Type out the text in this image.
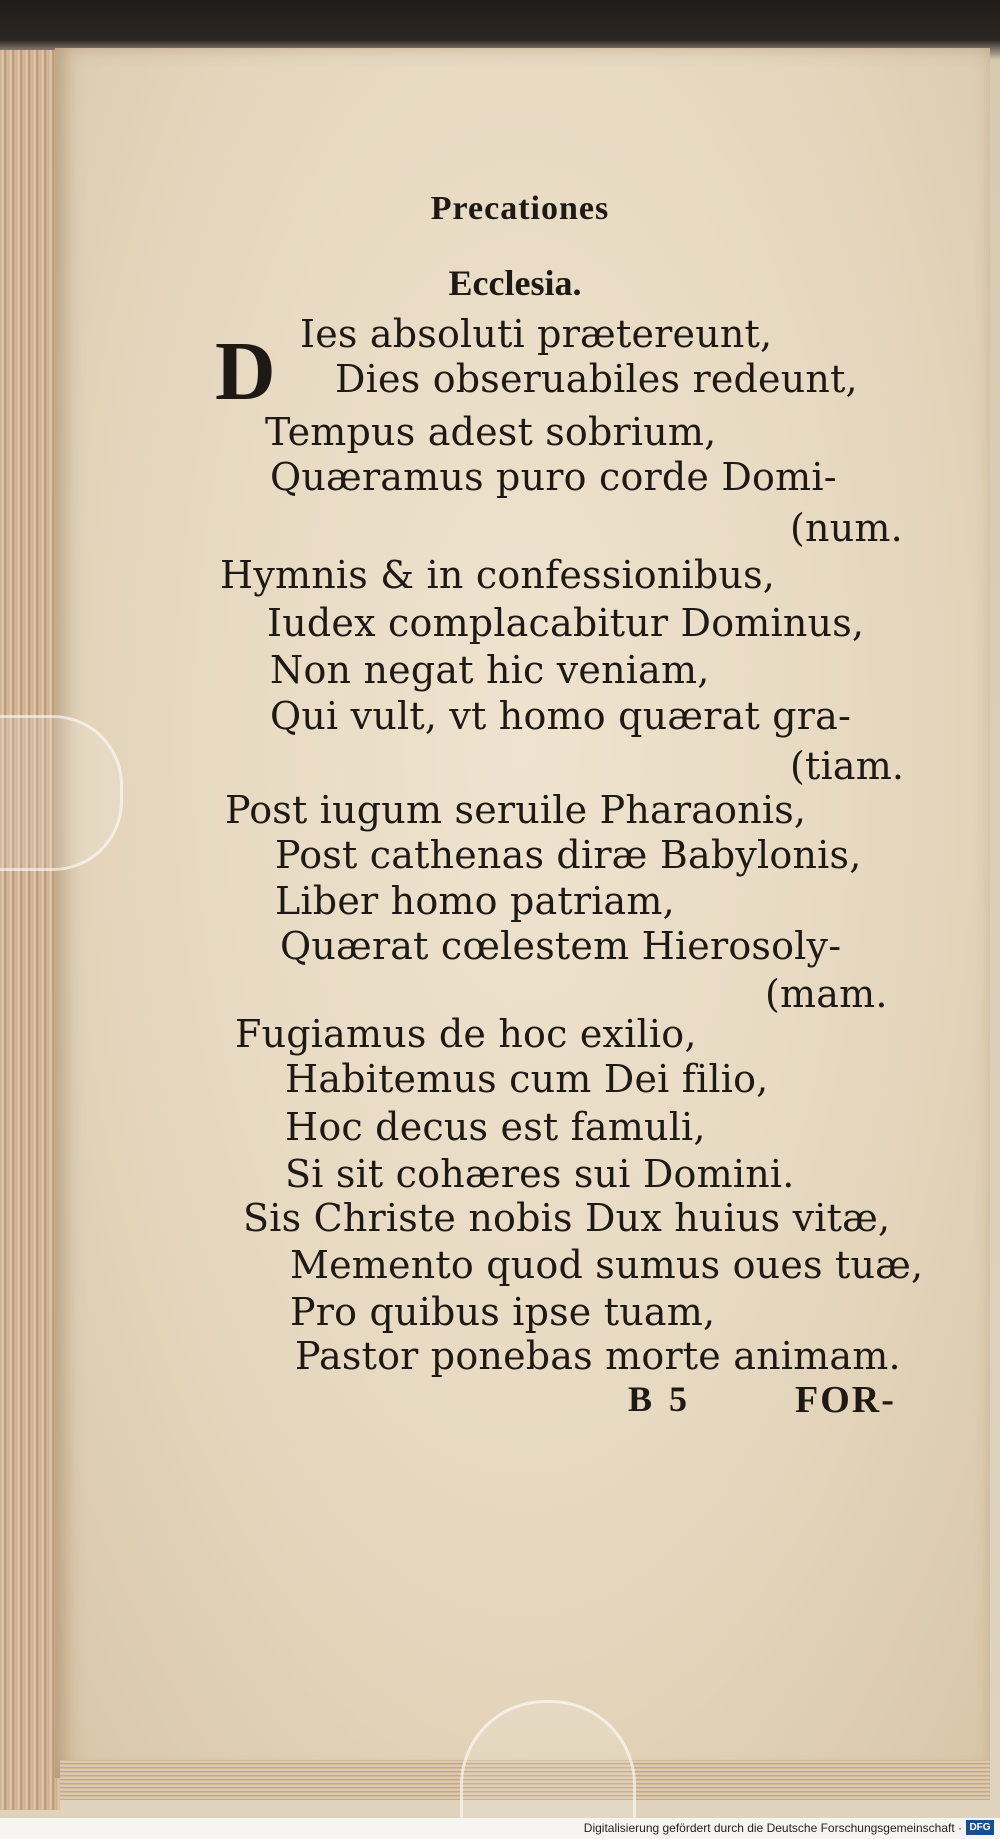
Precationes
Ecclesia.
D Ies absoluti prætereunt,
Dies obseruabiles redeunt,
Tempus adest sobrium,
Quæramus puro corde Domi-
(num.
Hymnis & in confessionibus,
Iudex complacabitur Dominus,
Non negat hic veniam,
Qui vult, vt homo quærat gra-
(tiam.
Post iugum seruile Pharaonis,
Post cathenas diræ Babylonis,
Liber homo patriam,
Quærat cœlestem Hierosoly-
(mam.
Fugiamus de hoc exilio,
Habitemus cum Dei filio,
Hoc decus est famuli,
Si sit cohæres sui Domini.
Sis Christe nobis Dux huius vitæ,
Memento quod sumus oues tuæ,
Pro quibus ipse tuam,
Pastor ponebas morte animam.
B 5	FOR-
Digitalisierung gefördert durch die Deutsche Forschungsgemeinschaft · DFG
